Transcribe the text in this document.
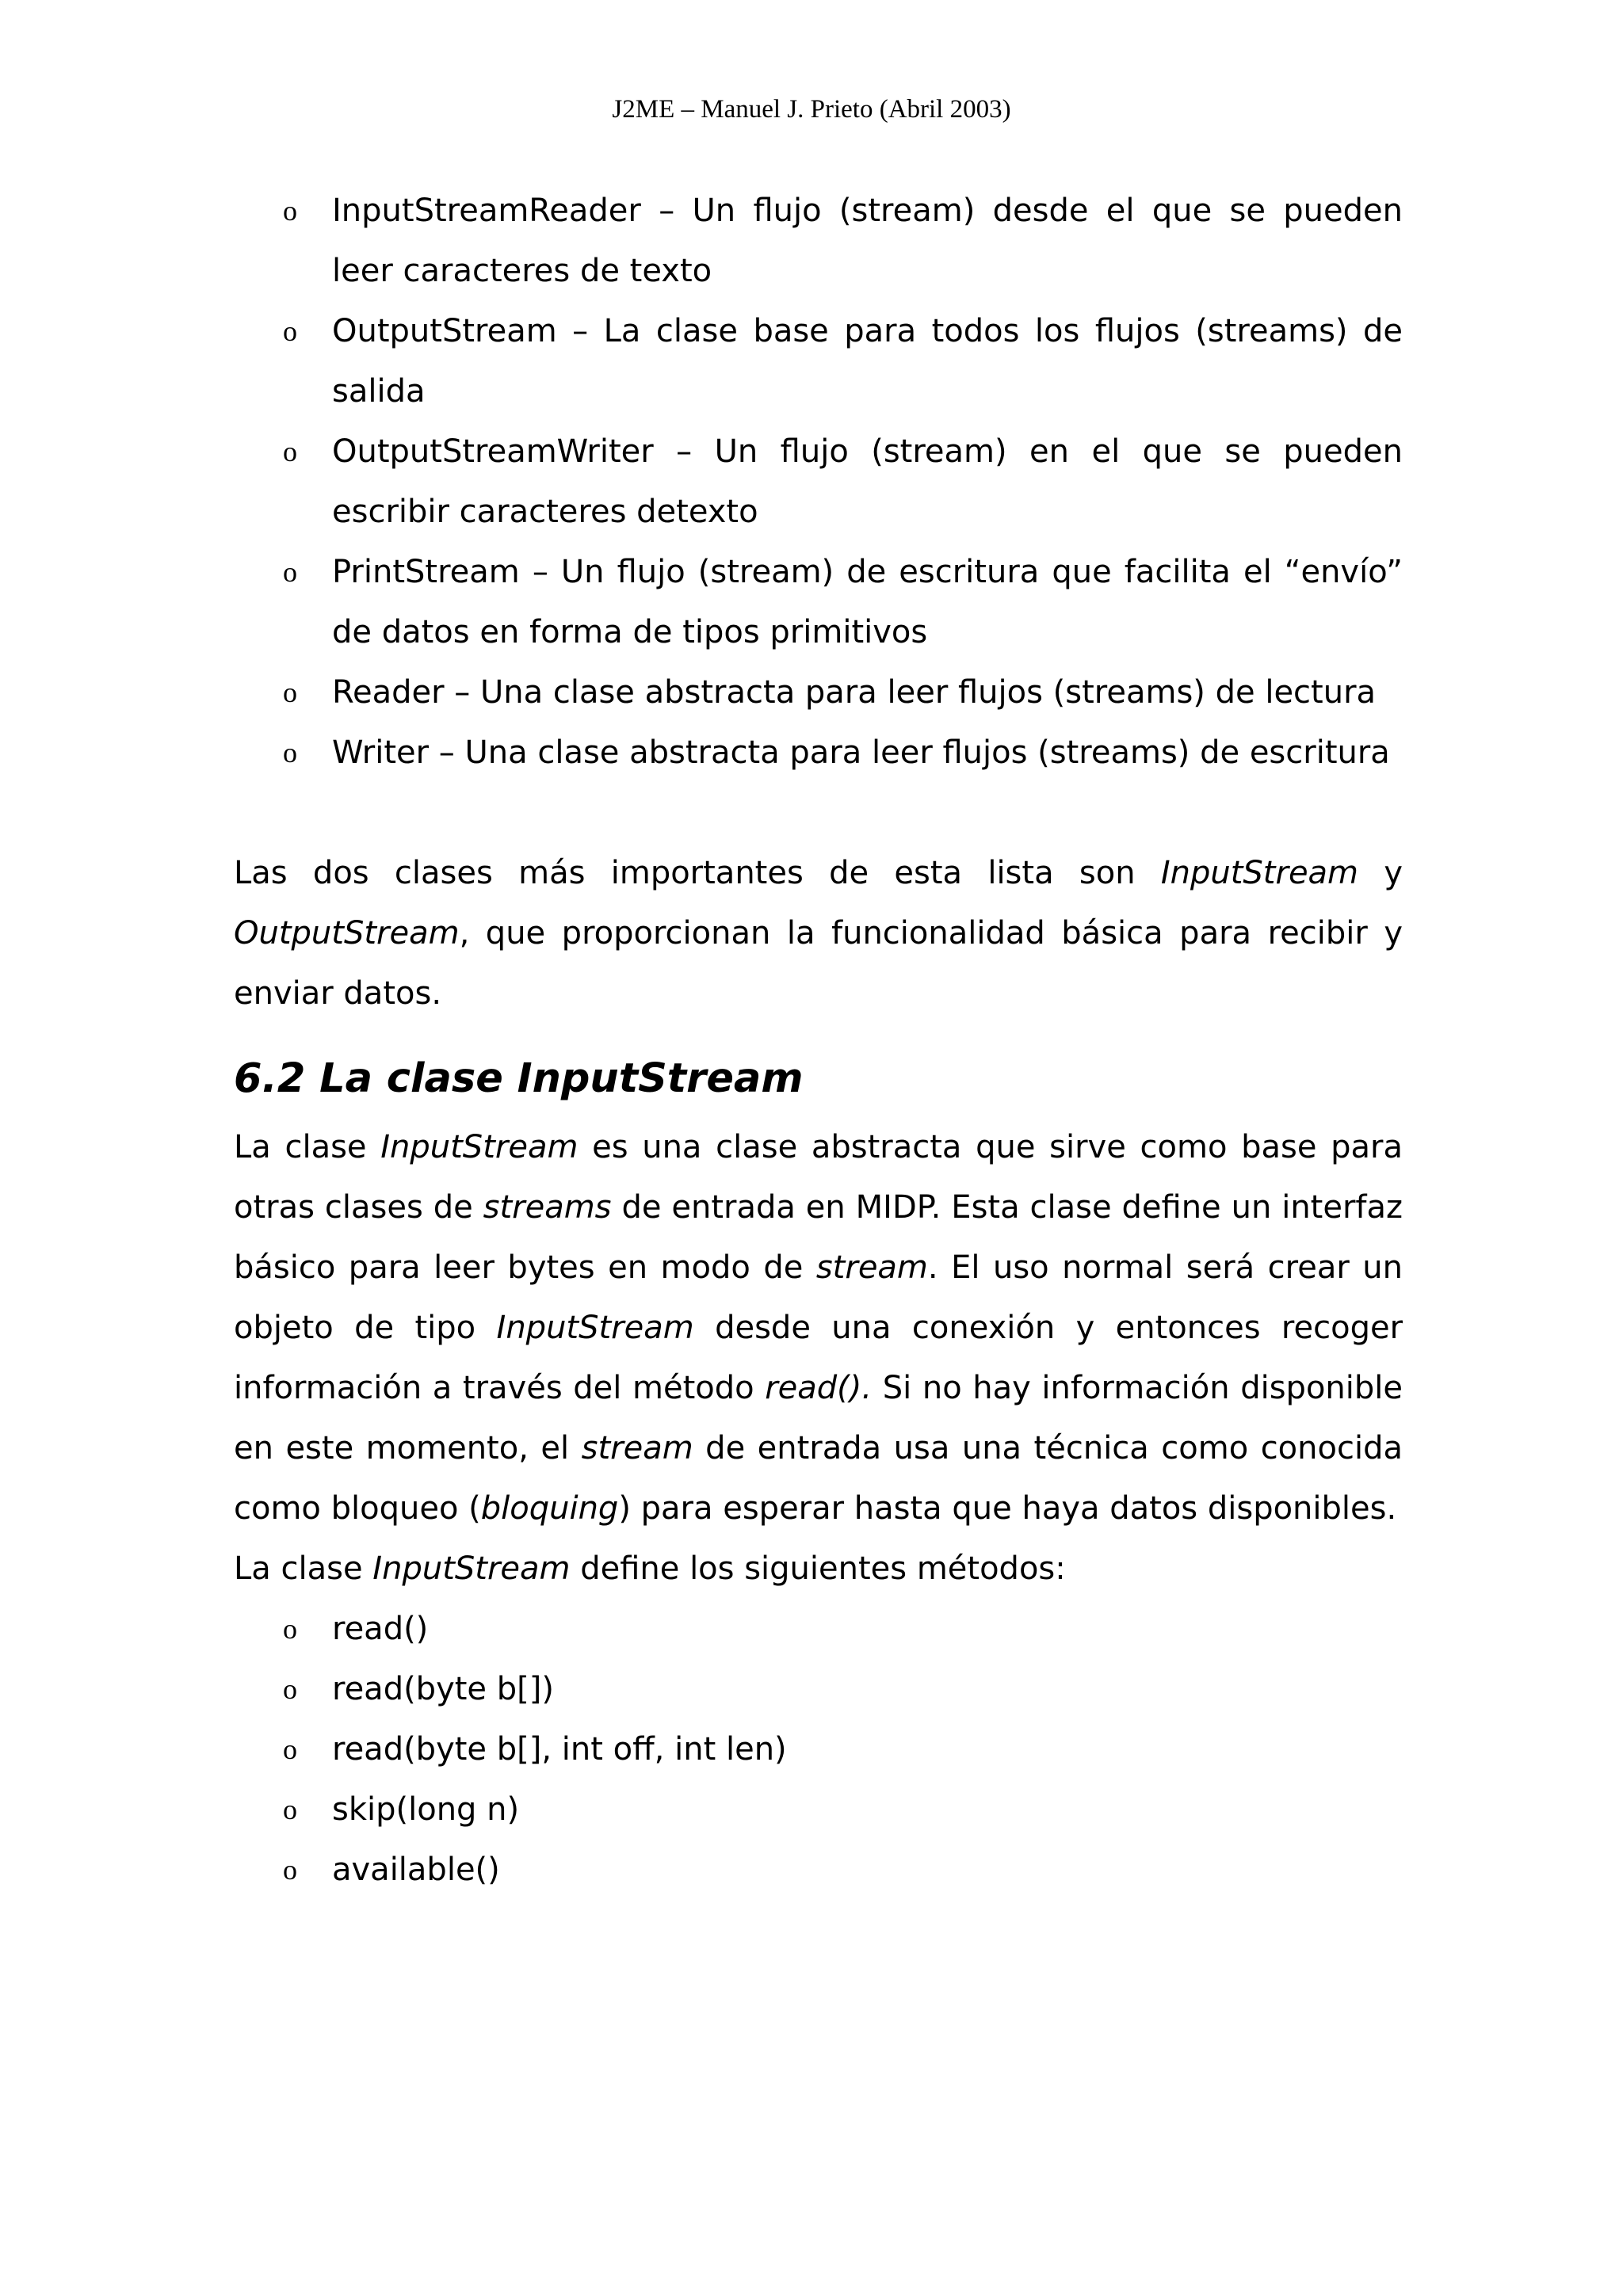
J2ME – Manuel J. Prieto (Abril 2003)
o InputStreamReader – Un flujo (stream) desde el que se pueden leer caracteres de texto
o OutputStream – La clase base para todos los flujos (streams) de salida
o OutputStreamWriter – Un flujo (stream) en el que se pueden escribir caracteres detexto
o PrintStream – Un flujo (stream) de escritura que facilita el “envío” de datos en forma de tipos primitivos
o Reader – Una clase abstracta para leer flujos (streams) de lectura
o Writer – Una clase abstracta para leer flujos (streams) de escritura

Las dos clases más importantes de esta lista son InputStream y OutputStream, que proporcionan la funcionalidad básica para recibir y enviar datos.

6.2 La clase InputStream

La clase InputStream es una clase abstracta que sirve como base para otras clases de streams de entrada en MIDP. Esta clase define un interfaz básico para leer bytes en modo de stream. El uso normal será crear un objeto de tipo InputStream desde una conexión y entonces recoger información a través del método read(). Si no hay información disponible en este momento, el stream de entrada usa una técnica como conocida como bloqueo (bloquing) para esperar hasta que haya datos disponibles.

La clase InputStream define los siguientes métodos:

o read()
o read(byte b[])
o read(byte b[], int off, int len)
o skip(long n)
o available()
